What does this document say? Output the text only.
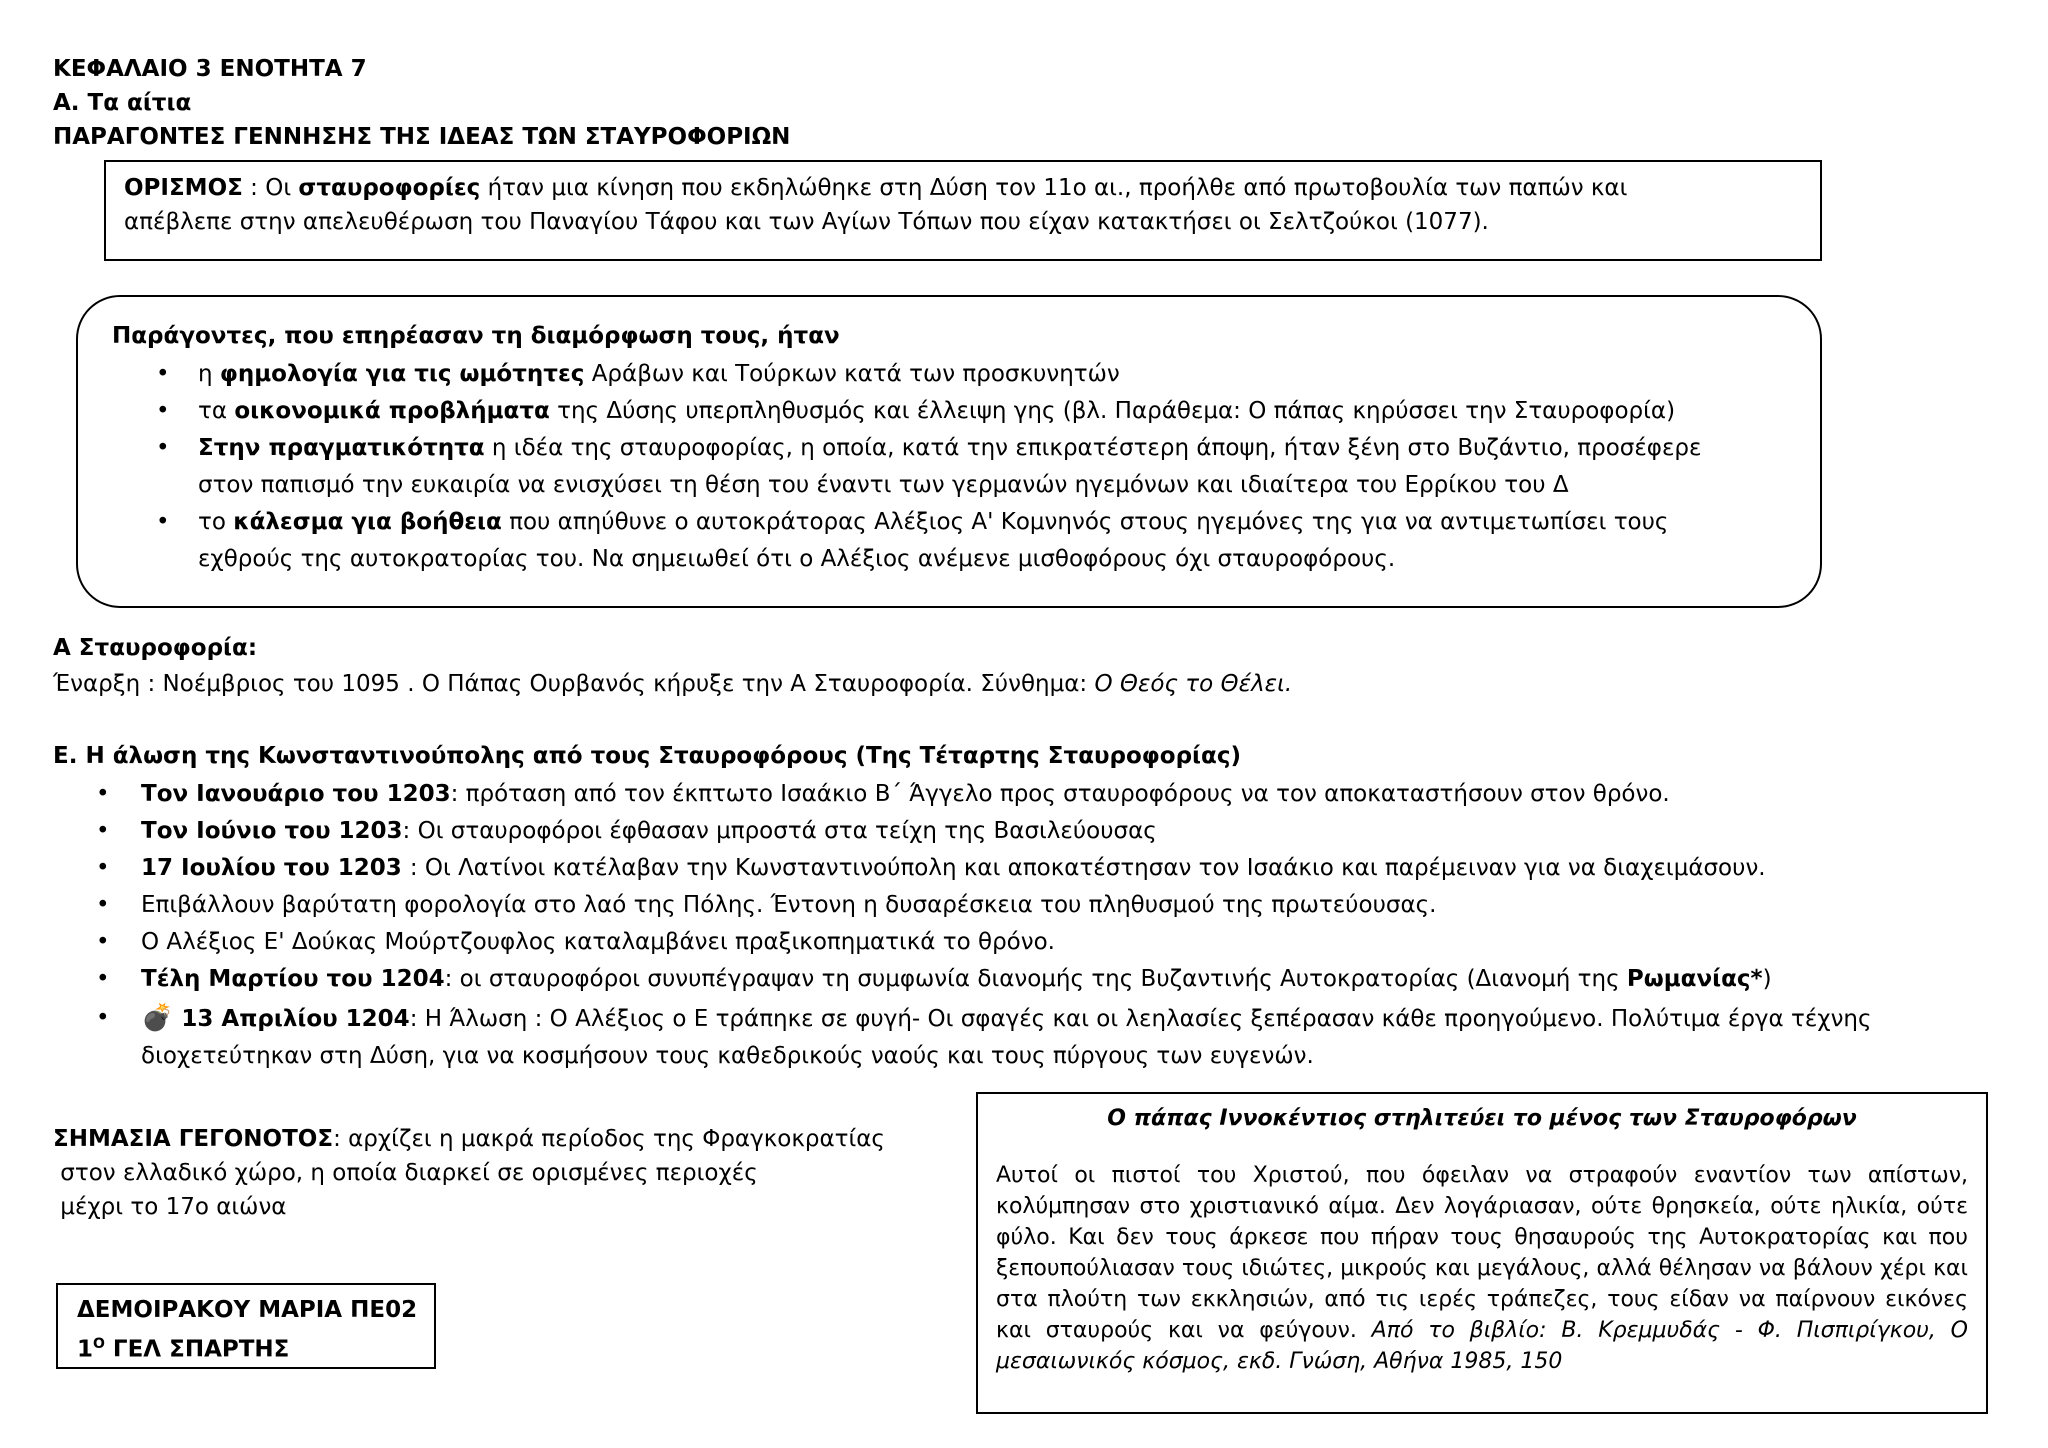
ΚΕΦΑΛΑΙΟ 3 ΕΝΟΤΗΤΑ 7
Α. Τα αίτια
ΠΑΡΑΓΟΝΤΕΣ ΓΕΝΝΗΣΗΣ ΤΗΣ ΙΔΕΑΣ ΤΩΝ ΣΤΑΥΡΟΦΟΡΙΩΝ
ΟΡΙΣΜΟΣ : Οι σταυροφορίες ήταν μια κίνηση που εκδηλώθηκε στη Δύση τον 11ο αι., προήλθε από πρωτοβουλία των παπών και
απέβλεπε στην απελευθέρωση του Παναγίου Τάφου και των Αγίων Τόπων που είχαν κατακτήσει οι Σελτζούκοι (1077).
Παράγοντες, που επηρέασαν τη διαμόρφωση τους, ήταν
•	η φημολογία για τις ωμότητες Αράβων και Τούρκων κατά των προσκυνητών
•	τα οικονομικά προβλήματα της Δύσης υπερπληθυσμός και έλλειψη γης (βλ. Παράθεμα: Ο πάπας κηρύσσει την Σταυροφορία)
•	Στην πραγματικότητα η ιδέα της σταυροφορίας, η οποία, κατά την επικρατέστερη άποψη, ήταν ξένη στο Βυζάντιο, προσέφερε
στον παπισμό την ευκαιρία να ενισχύσει τη θέση του έναντι των γερμανών ηγεμόνων και ιδιαίτερα του Ερρίκου του Δ
•	το κάλεσμα για βοήθεια που απηύθυνε ο αυτοκράτορας Αλέξιος Α' Κομνηνός στους ηγεμόνες της για να αντιμετωπίσει τους
εχθρούς της αυτοκρατορίας του. Να σημειωθεί ότι ο Αλέξιος ανέμενε μισθοφόρους όχι σταυροφόρους.
Α Σταυροφορία:
Έναρξη : Νοέμβριος του 1095 . Ο Πάπας Ουρβανός κήρυξε την Α Σταυροφορία. Σύνθημα: Ο Θεός το Θέλει.
Ε. Η άλωση της Κωνσταντινούπολης από τους Σταυροφόρους (Της Τέταρτης Σταυροφορίας)
•	Τον Ιανουάριο του 1203: πρόταση από τον έκπτωτο Ισαάκιο Β΄ Άγγελο προς σταυροφόρους να τον αποκαταστήσουν στον θρόνο.
•	Τον Ιούνιο του 1203: Οι σταυροφόροι έφθασαν μπροστά στα τείχη της Βασιλεύουσας
•	17 Ιουλίου του 1203 : Οι Λατίνοι κατέλαβαν την Κωνσταντινούπολη και αποκατέστησαν τον Ισαάκιο και παρέμειναν για να διαχειμάσουν.
•	Επιβάλλουν βαρύτατη φορολογία στο λαό της Πόλης. Έντονη η δυσαρέσκεια του πληθυσμού της πρωτεύουσας.
•	Ο Αλέξιος Ε' Δούκας Μούρτζουφλος καταλαμβάνει πραξικοπηματικά το θρόνο.
•	Τέλη Μαρτίου του 1204: οι σταυροφόροι συνυπέγραψαν τη συμφωνία διανομής της Βυζαντινής Αυτοκρατορίας (Διανομή της Ρωμανίας*)
•	💣 13 Απριλίου 1204: Η Άλωση : Ο Αλέξιος ο Ε τράπηκε σε φυγή- Οι σφαγές και οι λεηλασίες ξεπέρασαν κάθε προηγούμενο. Πολύτιμα έργα τέχνης
διοχετεύτηκαν στη Δύση, για να κοσμήσουν τους καθεδρικούς ναούς και τους πύργους των ευγενών.
ΣΗΜΑΣΙΑ ΓΕΓΟΝΟΤΟΣ: αρχίζει η μακρά περίοδος της Φραγκοκρατίας
στον ελλαδικό χώρο, η οποία διαρκεί σε ορισμένες περιοχές
μέχρι το 17ο αιώνα
ΔΕΜΟΙΡΑΚΟΥ ΜΑΡΙΑ ΠΕ02
$1^O$ ΓΕΛ ΣΠΑΡΤΗΣ
Ο πάπας Ιννοκέντιος στηλιτεύει το μένος των Σταυροφόρων
Αυτοί οι πιστοί του Χριστού, που όφειλαν να στραφούν εναντίον των απίστων, κολύμπησαν στο χριστιανικό αίμα. Δεν λογάριασαν, ούτε θρησκεία, ούτε ηλικία, ούτε φύλο. Και δεν τους άρκεσε που πήραν τους θησαυρούς της Αυτοκρατορίας και που ξεπουπούλιασαν τους ιδιώτες, μικρούς και μεγάλους, αλλά θέλησαν να βάλουν χέρι και στα πλούτη των εκκλησιών, από τις ιερές τράπεζες, τους είδαν να παίρνουν εικόνες και σταυρούς και να φεύγουν. Από το βιβλίο: Β. Κρεμμυδάς - Φ. Πισπιρίγκου, Ο μεσαιωνικός κόσμος, εκδ. Γνώση, Αθήνα 1985, 150
